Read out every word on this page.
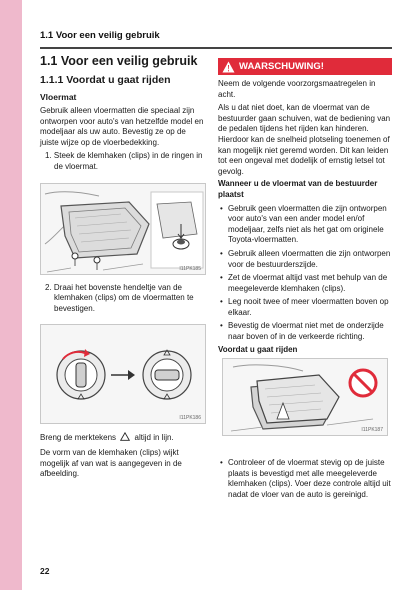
1.1 Voor een veilig gebruik
1.1 Voor een veilig gebruik
1.1.1 Voordat u gaat rijden
Vloermat
Gebruik alleen vloermatten die speciaal zijn ontworpen voor auto's van hetzelfde model en modeljaar als uw auto. Bevestig ze op de juiste wijze op de vloerbedekking.
1. Steek de klemhaken (clips) in de ringen in de vloermat.
I11PK185
2. Draai het bovenste hendeltje van de klemhaken (clips) om de vloermatten te bevestigen.
I11PK186
Breng de merktekens altijd in lijn.
De vorm van de klemhaken (clips) wijkt mogelijk af van wat is aangegeven in de afbeelding.
WAARSCHUWING!
Neem de volgende voorzorgsmaatregelen in acht.
Als u dat niet doet, kan de vloermat van de bestuurder gaan schuiven, wat de bediening van de pedalen tijdens het rijden kan hinderen. Hierdoor kan de snelheid plotseling toenemen of kan mogelijk niet geremd worden. Dit kan leiden tot een ongeval met dodelijk of ernstig letsel tot gevolg.
Wanneer u de vloermat van de bestuurder plaatst
• Gebruik geen vloermatten die zijn ontworpen voor auto's van een ander model en/of modeljaar, zelfs niet als het gat om originele Toyota-vloermatten.
• Gebruik alleen vloermatten die zijn ontworpen voor de bestuurderszijde.
• Zet de vloermat altijd vast met behulp van de meegeleverde klemhaken (clips).
• Leg nooit twee of meer vloermatten boven op elkaar.
• Bevestig de vloermat niet met de onderzijde naar boven of in de verkeerde richting.
Voordat u gaat rijden
I11PK187
• Controleer of de vloermat stevig op de juiste plaats is bevestigd met alle meegeleverde klemhaken (clips). Voer deze controle altijd uit nadat de vloer van de auto is gereinigd.
22
